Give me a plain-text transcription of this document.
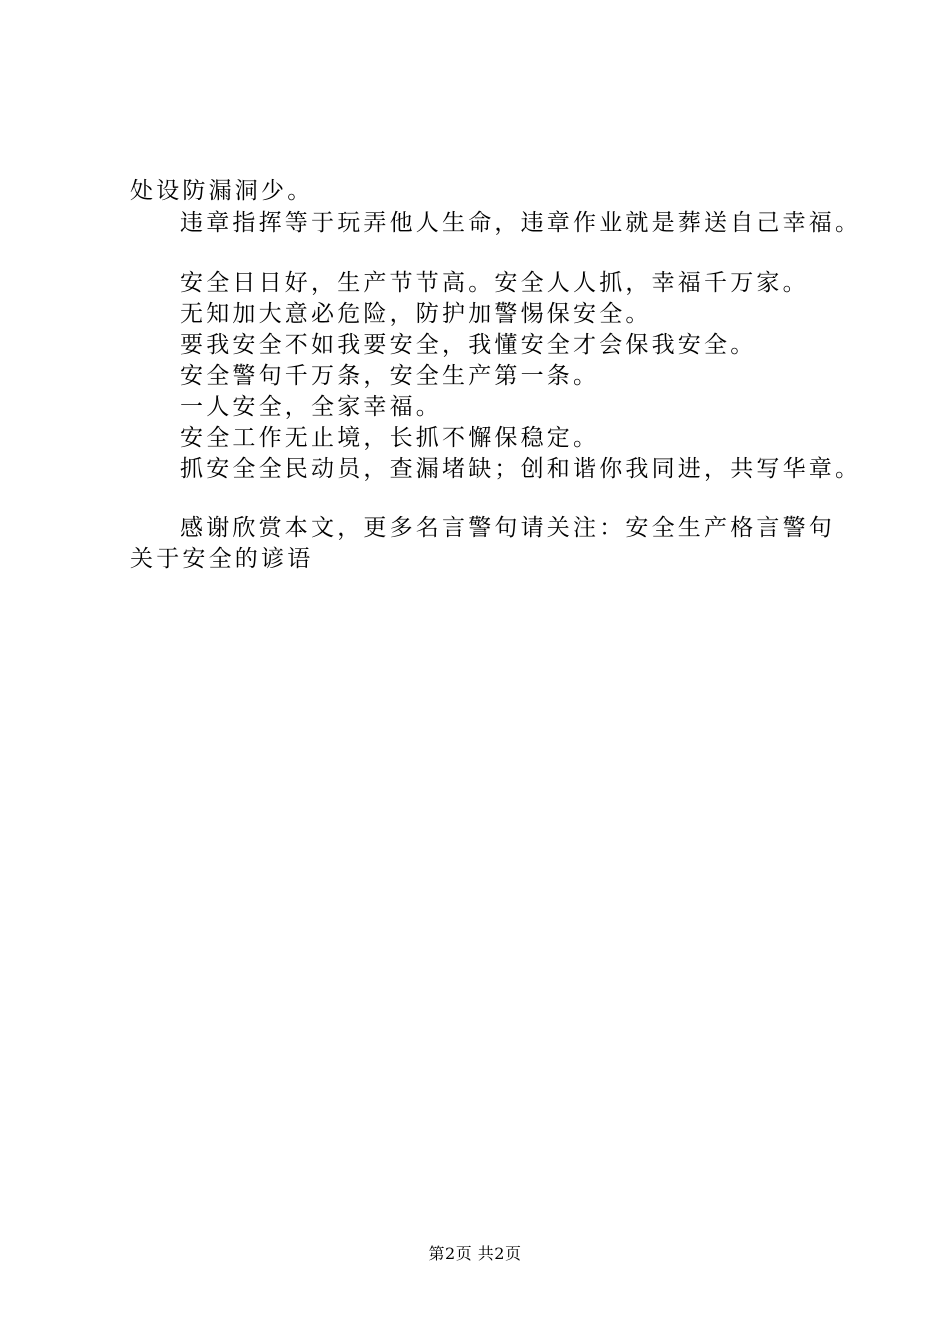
处设防漏洞少。
违章指挥等于玩弄他人生命，违章作业就是葬送自己幸福。
安全日日好，生产节节高。安全人人抓，幸福千万家。
无知加大意必危险，防护加警惕保安全。
要我安全不如我要安全，我懂安全才会保我安全。
安全警句千万条，安全生产第一条。
一人安全，全家幸福。
安全工作无止境，长抓不懈保稳定。
抓安全全民动员，查漏堵缺；创和谐你我同进，共写华章。
感谢欣赏本文，更多名言警句请关注：安全生产格言警句
关于安全的谚语
第2页 共2页
